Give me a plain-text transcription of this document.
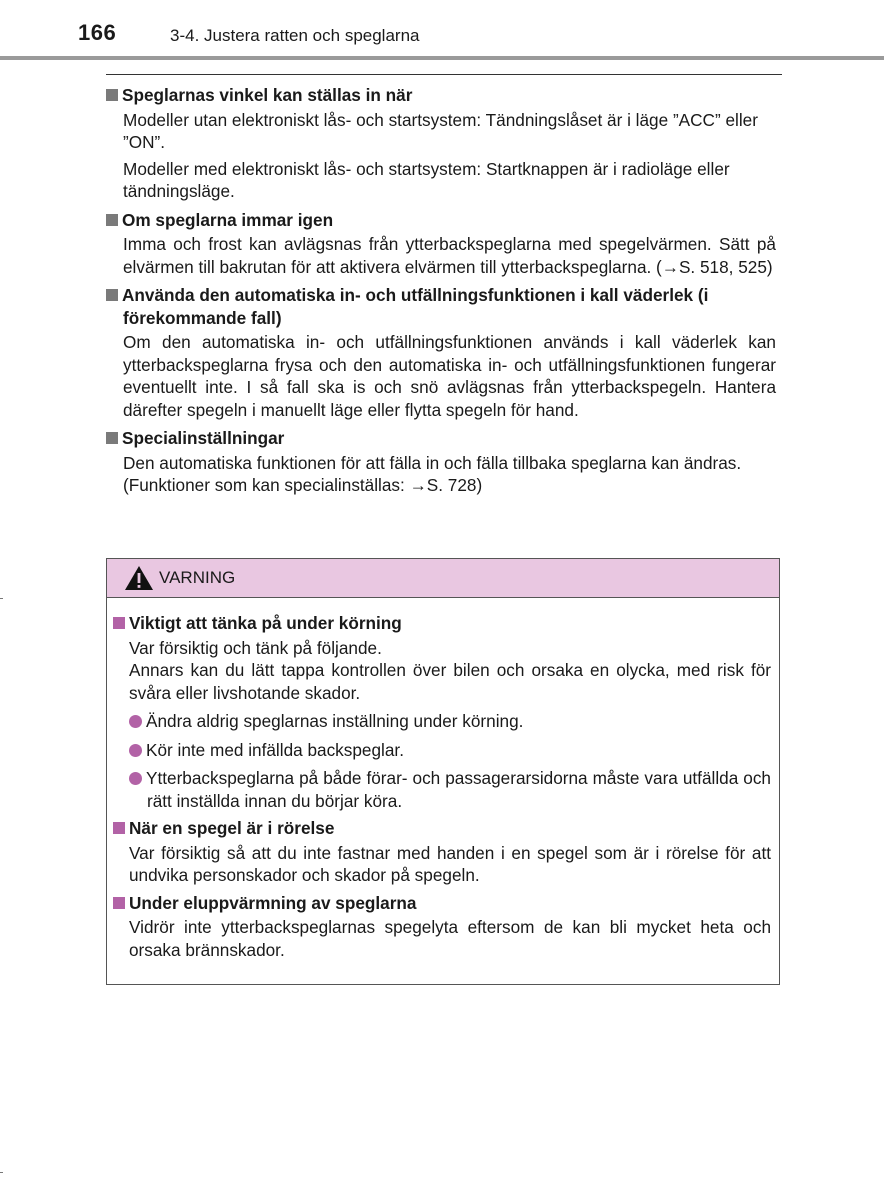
166	3-4. Justera ratten och speglarna
Speglarnas vinkel kan ställas in när
Modeller utan elektroniskt lås- och startsystem: Tändningslåset är i läge ”ACC” eller ”ON”.
Modeller med elektroniskt lås- och startsystem: Startknappen är i radioläge eller tändningsläge.
Om speglarna immar igen
Imma och frost kan avlägsnas från ytterbackspeglarna med spegelvärmen. Sätt på elvärmen till bakrutan för att aktivera elvärmen till ytterbackspeglarna. (→S. 518, 525)
Använda den automatiska in- och utfällningsfunktionen i kall väderlek (i förekommande fall)
Om den automatiska in- och utfällningsfunktionen används i kall väderlek kan ytterbackspeglarna frysa och den automatiska in- och utfällningsfunktionen fungerar eventuellt inte. I så fall ska is och snö avlägsnas från ytterbackspegeln. Hantera därefter spegeln i manuellt läge eller flytta spegeln för hand.
Specialinställningar
Den automatiska funktionen för att fälla in och fälla tillbaka speglarna kan ändras.
(Funktioner som kan specialinställas: →S. 728)
VARNING
Viktigt att tänka på under körning
Var försiktig och tänk på följande.
Annars kan du lätt tappa kontrollen över bilen och orsaka en olycka, med risk för svåra eller livshotande skador.
Ändra aldrig speglarnas inställning under körning.
Kör inte med infällda backspeglar.
Ytterbackspeglarna på både förar- och passagerarsidorna måste vara utfällda och rätt inställda innan du börjar köra.
När en spegel är i rörelse
Var försiktig så att du inte fastnar med handen i en spegel som är i rörelse för att undvika personskador och skador på spegeln.
Under eluppvärmning av speglarna
Vidrör inte ytterbackspeglarnas spegelyta eftersom de kan bli mycket heta och orsaka brännskador.
